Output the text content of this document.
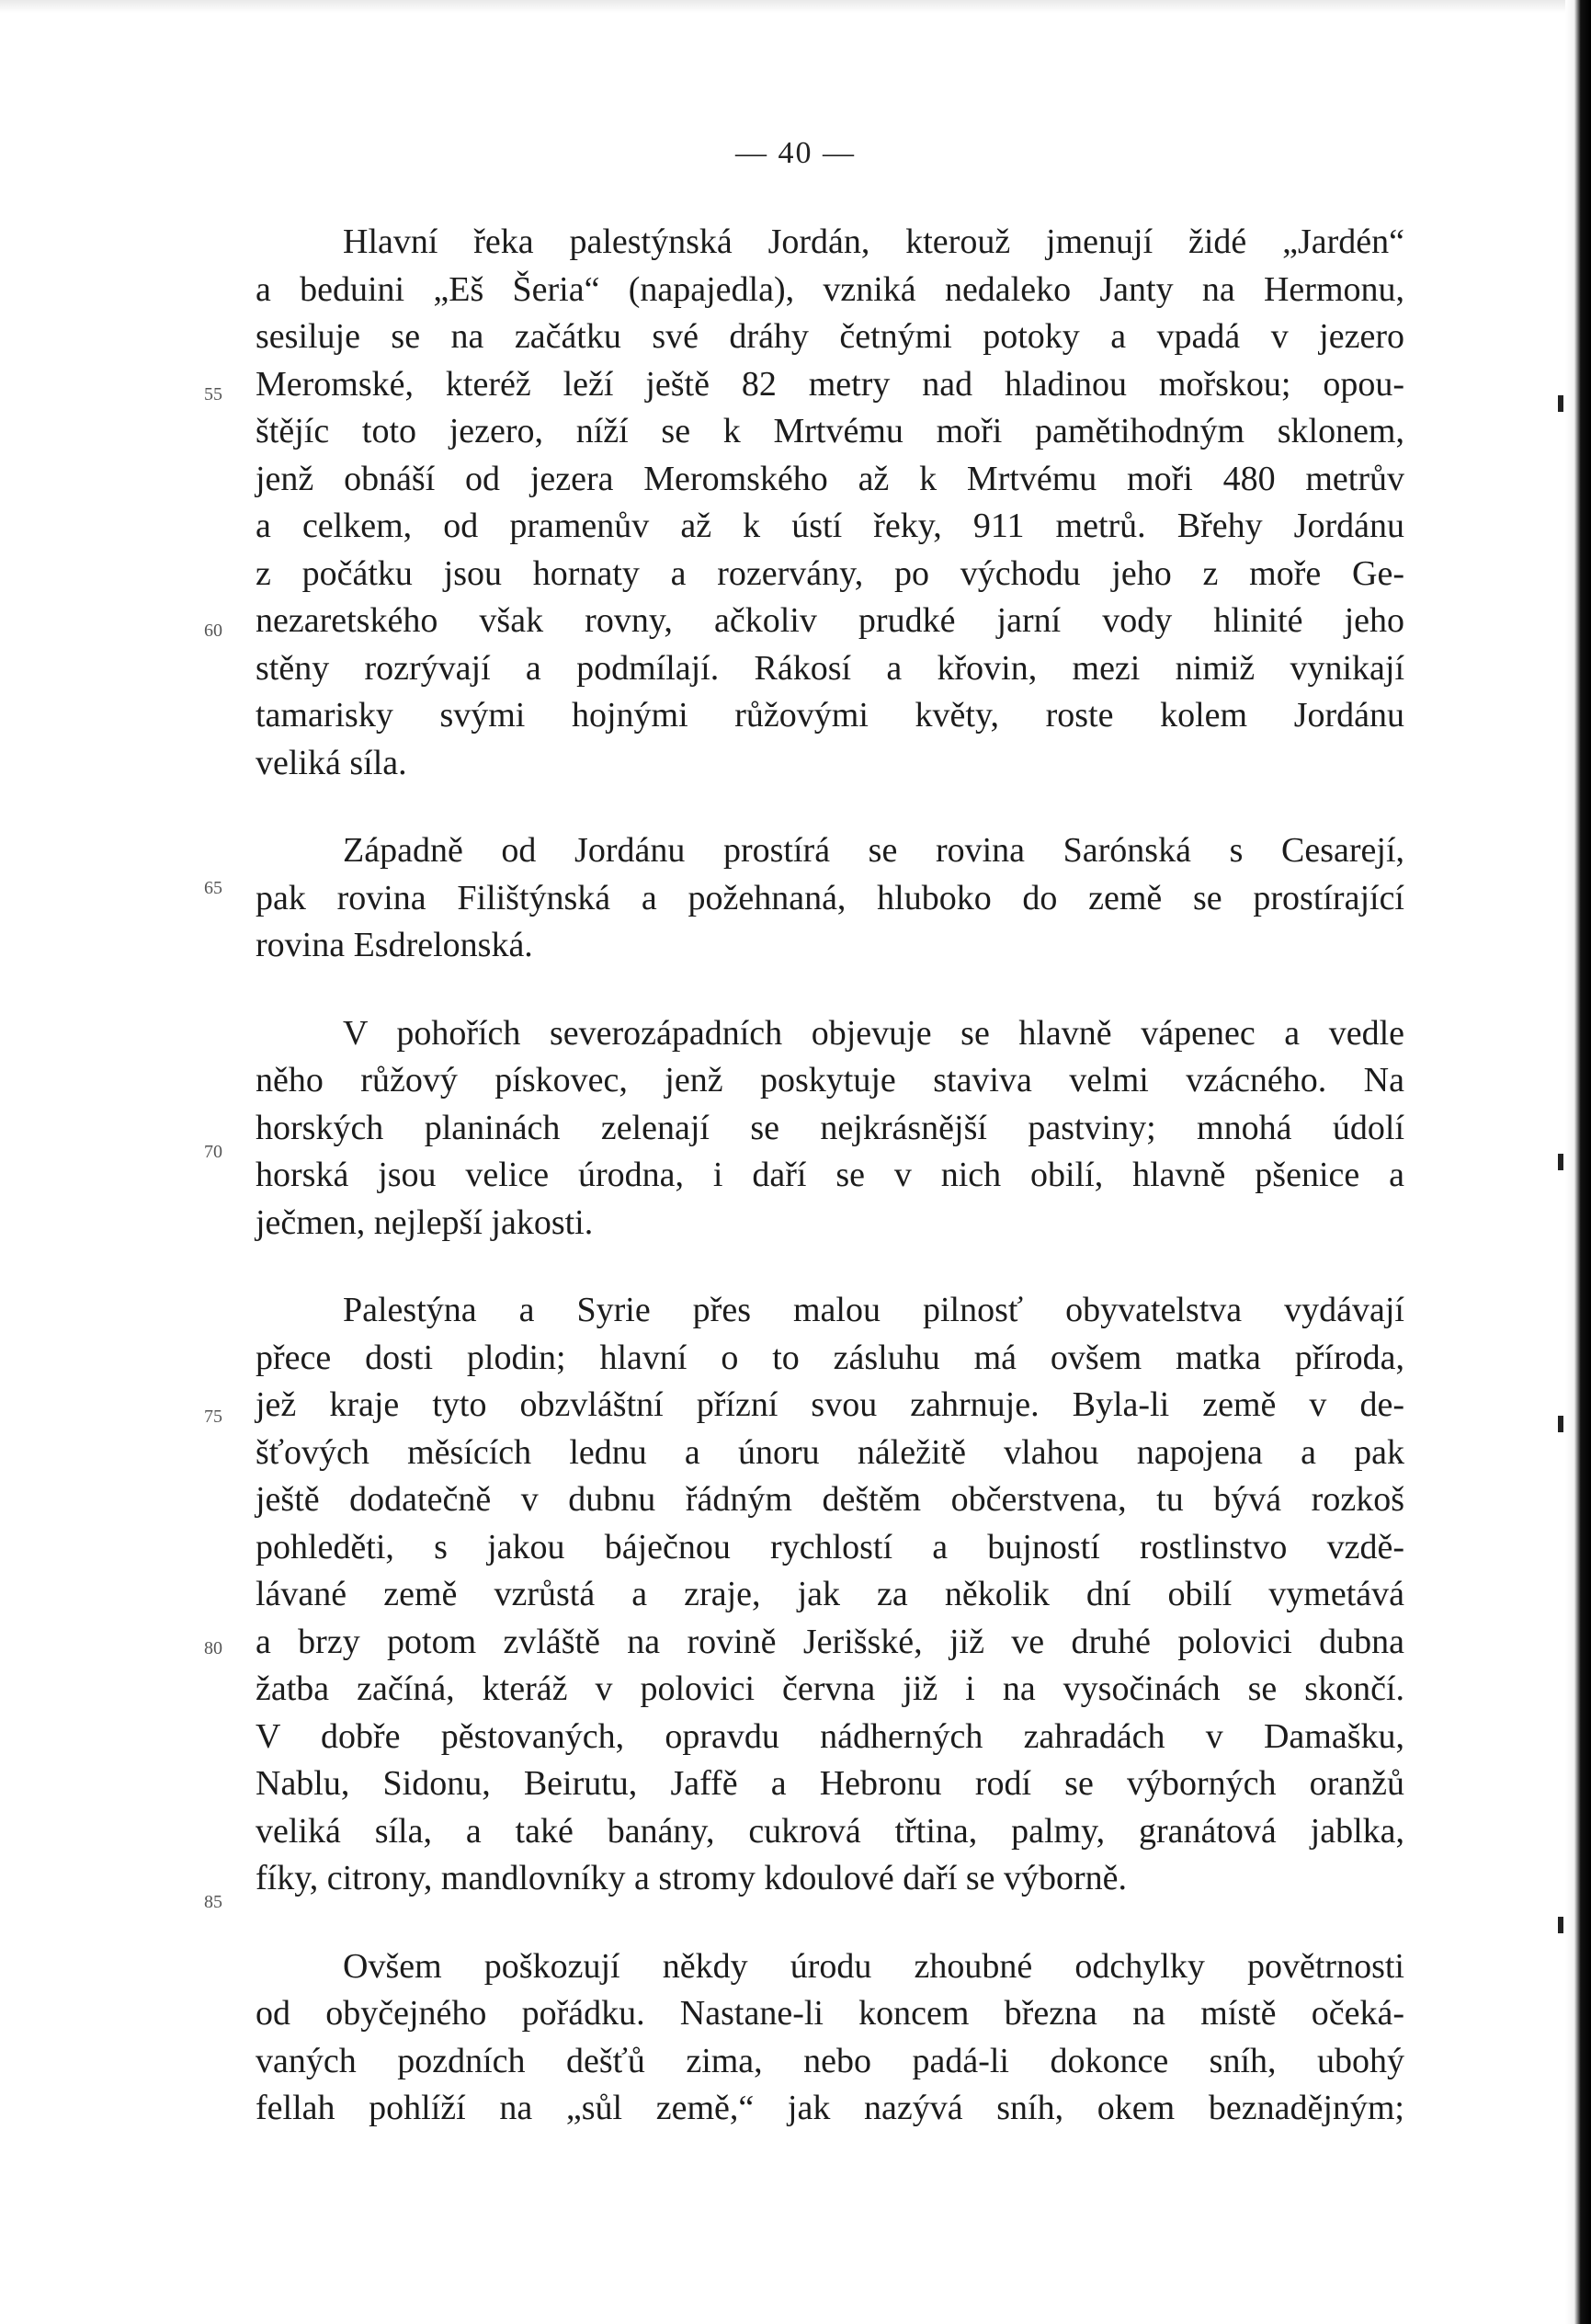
— 40 —
55
60
65
70
75
80
85
Hlavní řeka palestýnská Jordán, kterouž jmenují židé „Jardén“
a beduini „Eš Šeria“ (napajedla), vzniká nedaleko Janty na Hermonu,
sesiluje se na začátku své dráhy četnými potoky a vpadá v jezero
Meromské, kteréž leží ještě 82 metry nad hladinou mořskou; opou-
štějíc toto jezero, níží se k Mrtvému moři pamětihodným sklonem,
jenž obnáší od jezera Meromského až k Mrtvému moři 480 metrův
a celkem, od pramenův až k ústí řeky, 911 metrů. Břehy Jordánu
z počátku jsou hornaty a rozervány, po východu jeho z moře Ge-
nezaretského však rovny, ačkoliv prudké jarní vody hlinité jeho
stěny rozrývají a podmílají. Rákosí a křovin, mezi nimiž vynikají
tamarisky svými hojnými růžovými květy, roste kolem Jordánu
veliká síla.
Západně od Jordánu prostírá se rovina Sarónská s Cesarejí,
pak rovina Filištýnská a požehnaná, hluboko do země se prostírající
rovina Esdrelonská.
V pohořích severozápadních objevuje se hlavně vápenec a vedle
něho růžový pískovec, jenž poskytuje staviva velmi vzácného. Na
horských planinách zelenají se nejkrásnější pastviny; mnohá údolí
horská jsou velice úrodna, i daří se v nich obilí, hlavně pšenice a
ječmen, nejlepší jakosti.
Palestýna a Syrie přes malou pilnosť obyvatelstva vydávají
přece dosti plodin; hlavní o to zásluhu má ovšem matka příroda,
jež kraje tyto obzvláštní přízní svou zahrnuje. Byla-li země v de-
šťových měsících lednu a únoru náležitě vlahou napojena a pak
ještě dodatečně v dubnu řádným deštěm občerstvena, tu bývá rozkoš
pohleděti, s jakou báječnou rychlostí a bujností rostlinstvo vzdě-
lávané země vzrůstá a zraje, jak za několik dní obilí vymetává
a brzy potom zvláště na rovině Jerišské, již ve druhé polovici dubna
žatba začíná, kteráž v polovici června již i na vysočinách se skončí.
V dobře pěstovaných, opravdu nádherných zahradách v Damašku,
Nablu, Sidonu, Beirutu, Jaffě a Hebronu rodí se výborných oranžů
veliká síla, a také banány, cukrová třtina, palmy, granátová jablka,
fíky, citrony, mandlovníky a stromy kdoulové daří se výborně.
Ovšem poškozují někdy úrodu zhoubné odchylky povětrnosti
od obyčejného pořádku. Nastane-li koncem března na místě očeká-
vaných pozdních dešťů zima, nebo padá-li dokonce sníh, ubohý
fellah pohlíží na „sůl země,“ jak nazývá sníh, okem beznadějným;
